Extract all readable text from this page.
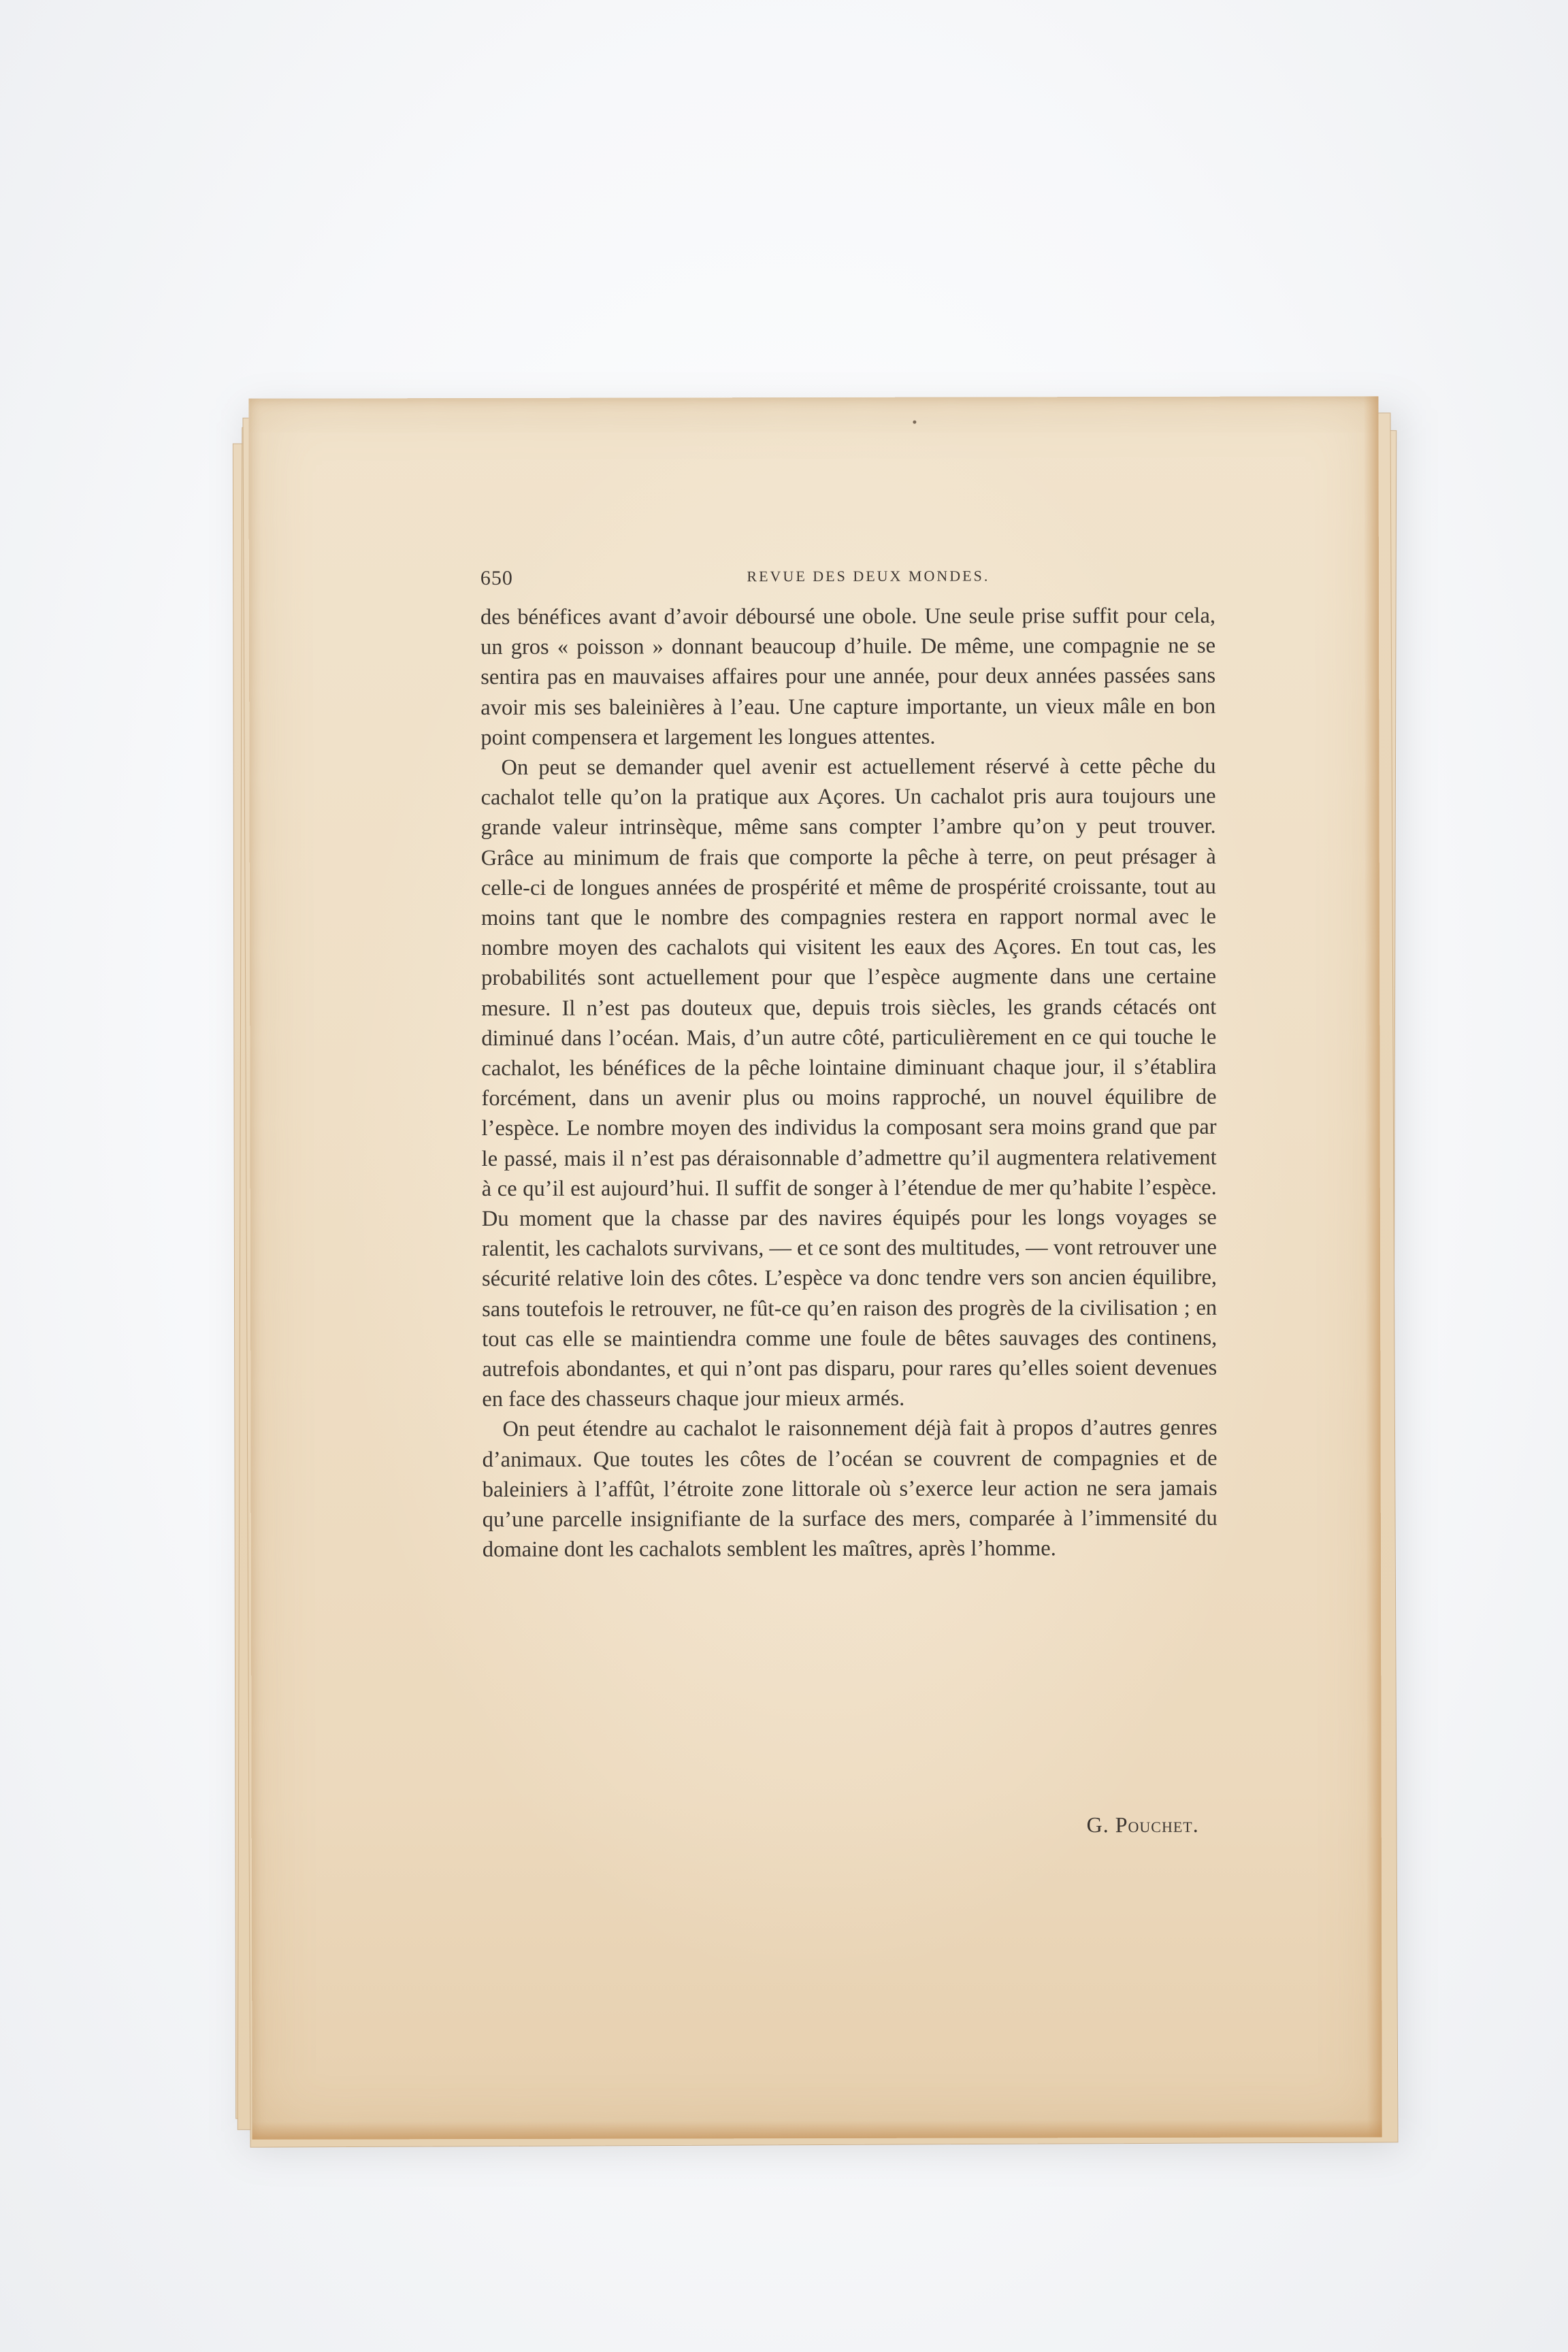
650	REVUE DES DEUX MONDES.

des bénéfices avant d’avoir déboursé une obole. Une seule prise suffit pour cela, un gros « poisson » donnant beaucoup d’huile. De même, une compagnie ne se sentira pas en mauvaises affaires pour une année, pour deux années passées sans avoir mis ses baleinières à l’eau. Une capture importante, un vieux mâle en bon point compensera et largement les longues attentes.

On peut se demander quel avenir est actuellement réservé à cette pêche du cachalot telle qu’on la pratique aux Açores. Un cachalot pris aura toujours une grande valeur intrinsèque, même sans compter l’ambre qu’on y peut trouver. Grâce au minimum de frais que comporte la pêche à terre, on peut présager à celle-ci de longues années de prospérité et même de prospérité croissante, tout au moins tant que le nombre des compagnies restera en rapport normal avec le nombre moyen des cachalots qui visitent les eaux des Açores. En tout cas, les probabilités sont actuellement pour que l’espèce augmente dans une certaine mesure. Il n’est pas douteux que, depuis trois siècles, les grands cétacés ont diminué dans l’océan. Mais, d’un autre côté, particulièrement en ce qui touche le cachalot, les bénéfices de la pêche lointaine diminuant chaque jour, il s’établira forcément, dans un avenir plus ou moins rapproché, un nouvel équilibre de l’espèce. Le nombre moyen des individus la composant sera moins grand que par le passé, mais il n’est pas déraisonnable d’admettre qu’il augmentera relativement à ce qu’il est aujourd’hui. Il suffit de songer à l’étendue de mer qu’habite l’espèce. Du moment que la chasse par des navires équipés pour les longs voyages se ralentit, les cachalots survivans, — et ce sont des multitudes, — vont retrouver une sécurité relative loin des côtes. L’espèce va donc tendre vers son ancien équilibre, sans toutefois le retrouver, ne fût-ce qu’en raison des progrès de la civilisation ; en tout cas elle se maintiendra comme une foule de bêtes sauvages des continens, autrefois abondantes, et qui n’ont pas disparu, pour rares qu’elles soient devenues en face des chasseurs chaque jour mieux armés.

On peut étendre au cachalot le raisonnement déjà fait à propos d’autres genres d’animaux. Que toutes les côtes de l’océan se couvrent de compagnies et de baleiniers à l’affût, l’étroite zone littorale où s’exerce leur action ne sera jamais qu’une parcelle insignifiante de la surface des mers, comparée à l’immensité du domaine dont les cachalots semblent les maîtres, après l’homme.

G. Pouchet.
